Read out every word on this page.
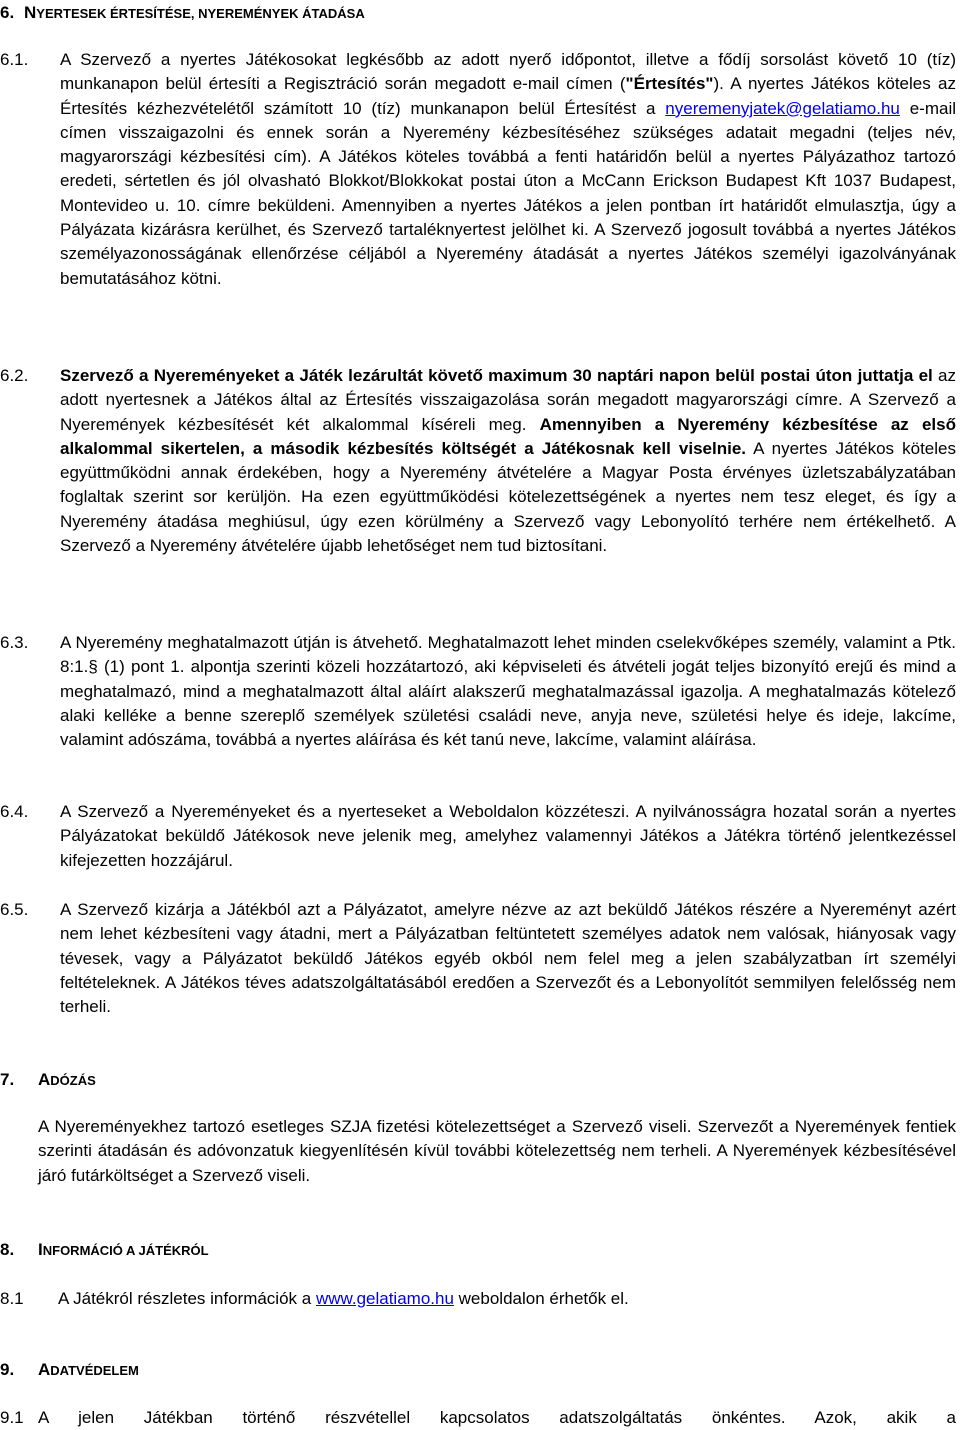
6. NYERTESEK ÉRTESÍTÉSE, NYEREMÉNYEK ÁTADÁSA
6.1. A Szervező a nyertes Játékosokat legkésőbb az adott nyerő időpontot, illetve a fődíj sorsolást követő 10 (tíz) munkanapon belül értesíti a Regisztráció során megadott e-mail címen ("Értesítés"). A nyertes Játékos köteles az Értesítés kézhezvételétől számított 10 (tíz) munkanapon belül Értesítést a nyeremenyjatek@gelatiamo.hu e-mail címen visszaigazolni és ennek során a Nyeremény kézbesítéséhez szükséges adatait megadni (teljes név, magyarországi kézbesítési cím). A Játékos köteles továbbá a fenti határidőn belül a nyertes Pályázathoz tartozó eredeti, sértetlen és jól olvasható Blokkot/Blokkokat postai úton a McCann Erickson Budapest Kft 1037 Budapest, Montevideo u. 10. címre beküldeni. Amennyiben a nyertes Játékos a jelen pontban írt határidőt elmulasztja, úgy a Pályázata kizárásra kerülhet, és Szervező tartaléknyertest jelölhet ki. A Szervező jogosult továbbá a nyertes Játékos személyazonosságának ellenőrzése céljából a Nyeremény átadását a nyertes Játékos személyi igazolványának bemutatásához kötni.
6.2. Szervező a Nyereményeket a Játék lezárultát követő maximum 30 naptári napon belül postai úton juttatja el az adott nyertesnek a Játékos által az Értesítés visszaigazolása során megadott magyarországi címre. A Szervező a Nyeremények kézbesítését két alkalommal kíséreli meg. Amennyiben a Nyeremény kézbesítése az első alkalommal sikertelen, a második kézbesítés költségét a Játékosnak kell viselnie. A nyertes Játékos köteles együttműködni annak érdekében, hogy a Nyeremény átvételére a Magyar Posta érvényes üzletszabályzatában foglaltak szerint sor kerüljön. Ha ezen együttműködési kötelezettségének a nyertes nem tesz eleget, és így a Nyeremény átadása meghiúsul, úgy ezen körülmény a Szervező vagy Lebonyolító terhére nem értékelhető. A Szervező a Nyeremény átvételére újabb lehetőséget nem tud biztosítani.
6.3. A Nyeremény meghatalmazott útján is átvehető. Meghatalmazott lehet minden cselekvőképes személy, valamint a Ptk. 8:1.§ (1) pont 1. alpontja szerinti közeli hozzátartozó, aki képviseleti és átvételi jogát teljes bizonyító erejű és mind a meghatalmazó, mind a meghatalmazott által aláírt alakszerű meghatalmazással igazolja. A meghatalmazás kötelező alaki kelléke a benne szereplő személyek születési családi neve, anyja neve, születési helye és ideje, lakcíme, valamint adószáma, továbbá a nyertes aláírása és két tanú neve, lakcíme, valamint aláírása.
6.4. A Szervező a Nyereményeket és a nyerteseket a Weboldalon közzéteszi. A nyilvánosságra hozatal során a nyertes Pályázatokat beküldő Játékosok neve jelenik meg, amelyhez valamennyi Játékos a Játékra történő jelentkezéssel kifejezetten hozzájárul.
6.5. A Szervező kizárja a Játékból azt a Pályázatot, amelyre nézve az azt beküldő Játékos részére a Nyereményt azért nem lehet kézbesíteni vagy átadni, mert a Pályázatban feltüntetett személyes adatok nem valósak, hiányosak vagy tévesek, vagy a Pályázatot beküldő Játékos egyéb okból nem felel meg a jelen szabályzatban írt személyi feltételeknek. A Játékos téves adatszolgáltatásából eredően a Szervezőt és a Lebonyolítót semmilyen felelősség nem terheli.
7. ADÓZÁS
A Nyereményekhez tartozó esetleges SZJA fizetési kötelezettséget a Szervező viseli. Szervezőt a Nyeremények fentiek szerinti átadásán és adóvonzatuk kiegyenlítésén kívül további kötelezettség nem terheli. A Nyeremények kézbesítésével járó futárköltséget a Szervező viseli.
8. INFORMÁCIÓ A JÁTÉKRÓL
8.1 A Játékról részletes információk a www.gelatiamo.hu weboldalon érhetők el.
9. ADATVÉDELEM
9.1 A jelen Játékban történő részvétellel kapcsolatos adatszolgáltatás önkéntes. Azok, akik a
